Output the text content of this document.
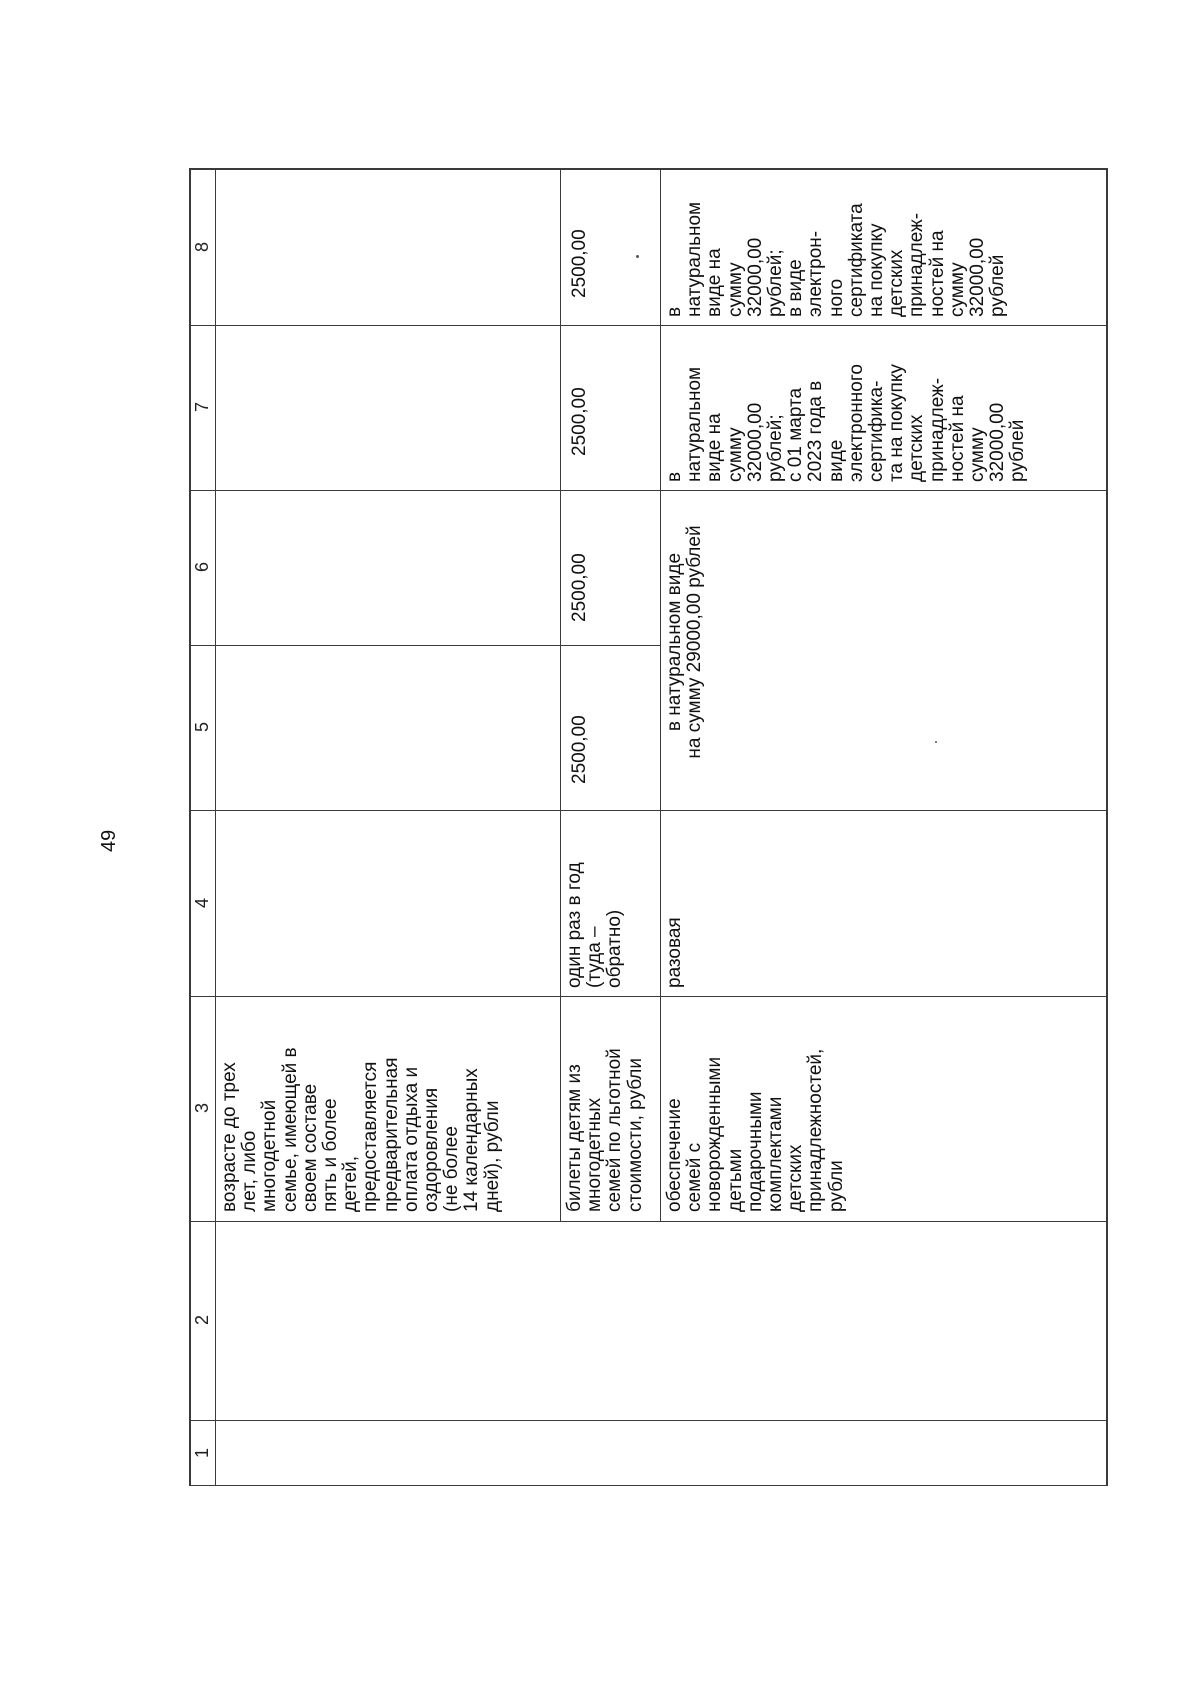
49
1
2
3
4
5
6
7
8
возрасте до трех лет, либо многодетной семье, имеющей в своем составе пять и более детей, предоставляется предварительная оплата отдыха и оздоровления (не более 14 календарных дней), рубли	билеты детям из многодетных семей по льготной стоимости, рубли
один раз в год (туда – обратно)
2500,00
2500,00
2500,00
2500,00
обеспечение семей с новорожденными детьми подарочными комплектами детских принадлежностей, рубли
разовая
в натуральном виде на сумму 29000,00 рублей
в натуральном виде на сумму 32000,00 рублей; с 01 марта 2023 года в виде электронного сертифика- та на покупку детских принадлеж- ностей на сумму 32000,00 рублей
в натуральном виде на сумму 32000,00 рублей; в виде электрон- ного сертификата на покупку детских принадлеж- ностей на сумму 32000,00 рублей
